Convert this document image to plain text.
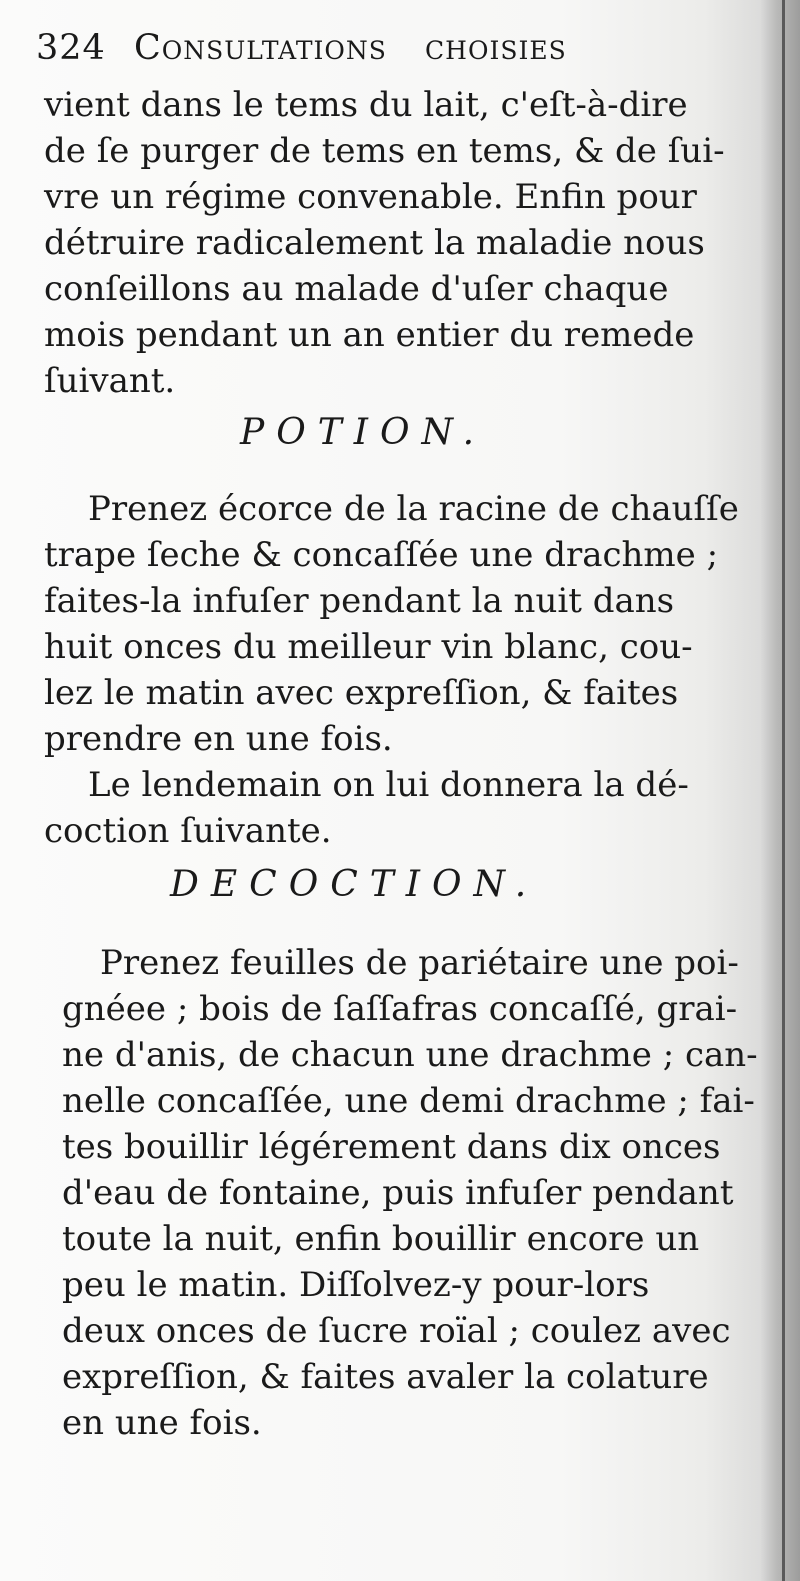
324 Consultations choisies
vient dans le tems du lait, c'eſt-à-dire
de ſe purger de tems en tems, & de ſui-
vre un régime convenable. Enfin pour
détruire radicalement la maladie nous
conſeillons au malade d'uſer chaque
mois pendant un an entier du remede
ſuivant.
POTION.
Prenez écorce de la racine de chauſſe
trape ſeche & concaſſée une drachme ;
faites-la infuſer pendant la nuit dans
huit onces du meilleur vin blanc, cou-
lez le matin avec expreſſion, & faites
prendre en une fois.
Le lendemain on lui donnera la dé-
coction ſuivante.
DECOCTION.
Prenez feuilles de pariétaire une poi-
gnéee ; bois de ſaſſafras concaſſé, grai-
ne d'anis, de chacun une drachme ; can-
nelle concaſſée, une demi drachme ; fai-
tes bouillir légérement dans dix onces
d'eau de fontaine, puis infuſer pendant
toute la nuit, enfin bouillir encore un
peu le matin. Diſſolvez-y pour-lors
deux onces de ſucre roïal ; coulez avec
expreſſion, & faites avaler la colature
en une fois.
